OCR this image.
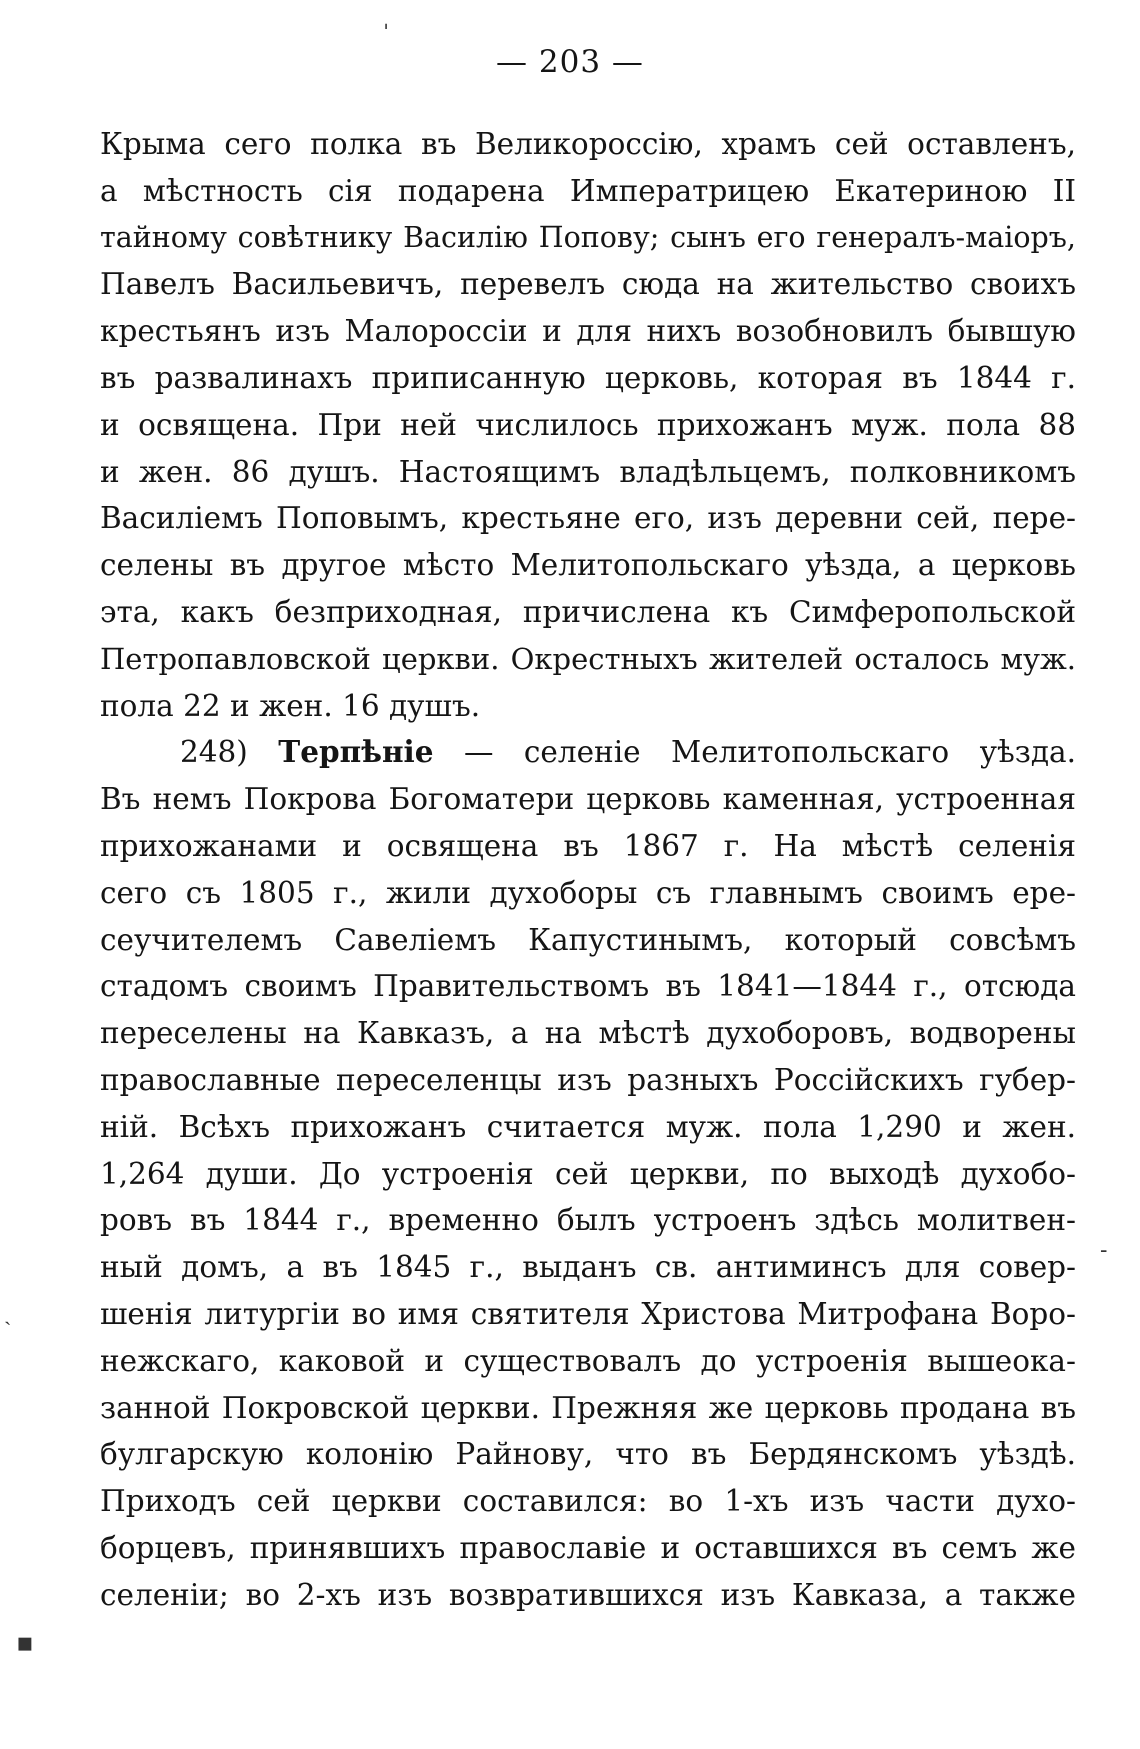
— 203 —
Крыма сего полка въ Великороссію, храмъ сей оставленъ,
а мѣстность сія подарена Императрицею Екатериною II
тайному совѣтнику Василію Попову; сынъ его генералъ-маіоръ,
Павелъ Васильевичъ, перевелъ сюда на жительство своихъ
крестьянъ изъ Малороссіи и для нихъ возобновилъ бывшую
въ развалинахъ приписанную церковь, которая въ 1844 г.
и освящена. При ней числилось прихожанъ муж. пола 88
и жен. 86 душъ. Настоящимъ владѣльцемъ, полковникомъ
Василіемъ Поповымъ, крестьяне его, изъ деревни сей, пере-
селены въ другое мѣсто Мелитопольскаго уѣзда, а церковь
эта, какъ безприходная, причислена къ Симферопольской
Петропавловской церкви. Окрестныхъ жителей осталось муж.
пола 22 и жен. 16 душъ.
248) Терпѣніе — селеніе Мелитопольскаго уѣзда.
Въ немъ Покрова Богоматери церковь каменная, устроенная
прихожанами и освящена въ 1867 г. На мѣстѣ селенія
сего съ 1805 г., жили духоборы съ главнымъ своимъ ере-
сеучителемъ Савеліемъ Капустинымъ, который совсѣмъ
стадомъ своимъ Правительствомъ въ 1841—1844 г., отсюда
переселены на Кавказъ, а на мѣстѣ духоборовъ, водворены
православные переселенцы изъ разныхъ Россійскихъ губер-
ній. Всѣхъ прихожанъ считается муж. пола 1,290 и жен.
1,264 души. До устроенія сей церкви, по выходѣ духобо-
ровъ въ 1844 г., временно былъ устроенъ здѣсь молитвен-
ный домъ, а въ 1845 г., выданъ св. антиминсъ для совер-
шенія литургіи во имя святителя Христова Митрофана Воро-
нежскаго, каковой и существовалъ до устроенія вышеока-
занной Покровской церкви. Прежняя же церковь продана въ
булгарскую колонію Райнову, что въ Бердянскомъ уѣздѣ.
Приходъ сей церкви составился: во 1-хъ изъ части духо-
борцевъ, принявшихъ православіе и оставшихся въ семъ же
селеніи; во 2-хъ изъ возвратившихся изъ Кавказа, а также
ˈ
-
ˏ
▪
